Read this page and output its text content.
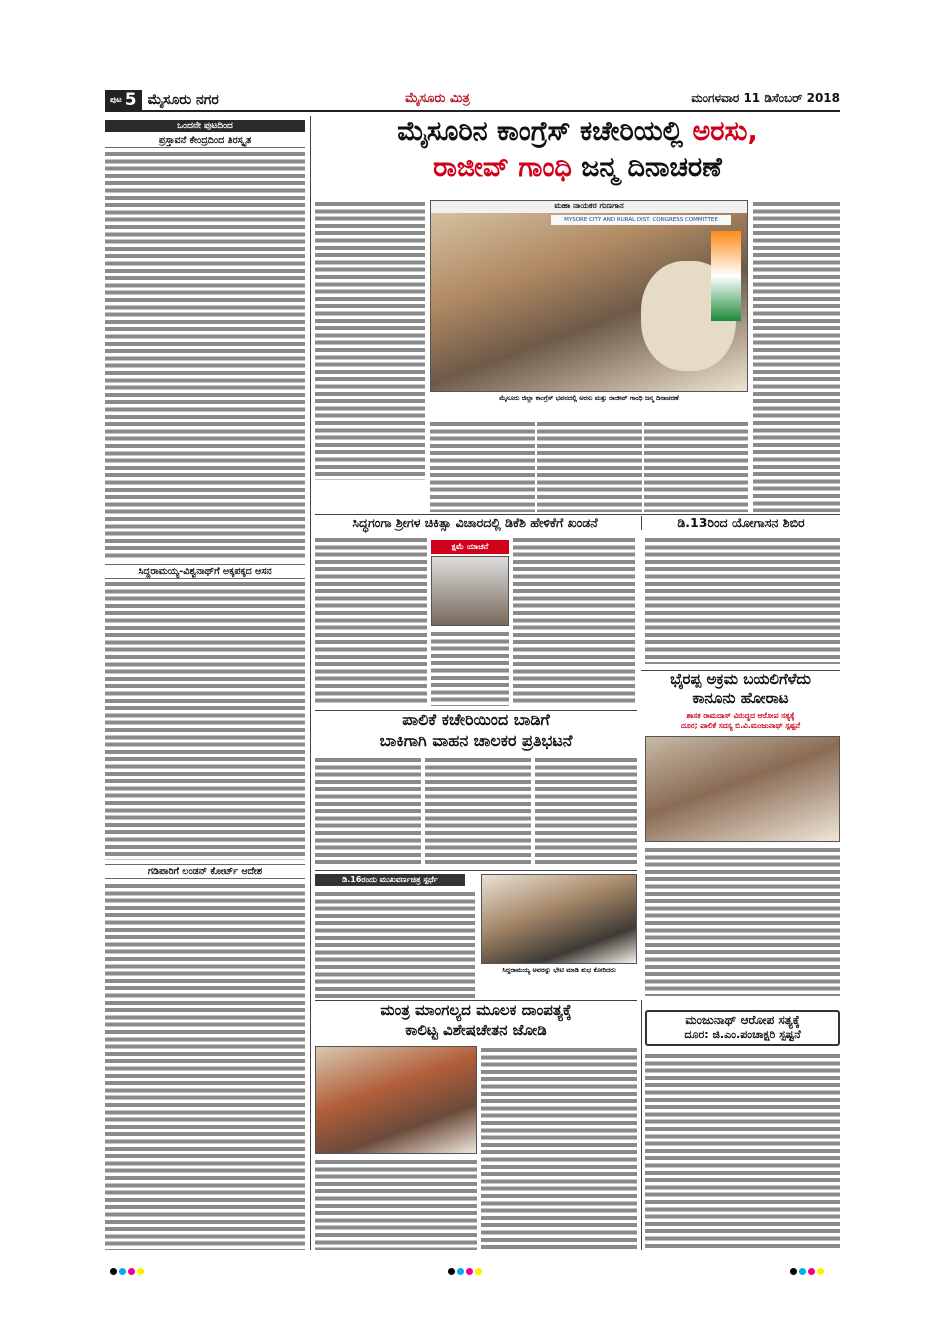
ಪುಟ 5 ಮೈಸೂರು ನಗರ	ಮೈಸೂರು ಮಿತ್ರ	ಮಂಗಳವಾರ 11 ಡಿಸೆಂಬರ್ 2018
ಒಂದನೇ ಪುಟದಿಂದ
ಪ್ರಸ್ತಾವನೆ ಕೇಂದ್ರದಿಂದ ತಿರಸ್ಕೃತ
ಸಿದ್ದರಾಮಯ್ಯ-ವಿಶ್ವನಾಥ್‌ಗೆ ಅಕ್ಕಪಕ್ಕದ ಆಸನ
ಗಡಿಪಾರಿಗೆ ಲಂಡನ್ ಕೋರ್ಟ್ ಆದೇಶ
ಮೈಸೂರಿನ ಕಾಂಗ್ರೆಸ್ ಕಚೇರಿಯಲ್ಲಿ ಅರಸು,
ರಾಜೀವ್ ಗಾಂಧಿ ಜನ್ಮ ದಿನಾಚರಣೆ
ಮಹಾ ನಾಯಕರ ಗುಣಗಾನ
MYSORE CITY AND RURAL DIST. CONGRESS COMMITTEE
ಮೈಸೂರು ಜಿಲ್ಲಾ ಕಾಂಗ್ರೆಸ್ ಭವನದಲ್ಲಿ ಅರಸು ಮತ್ತು ರಾಜೀವ್ ಗಾಂಧಿ ಜನ್ಮ ದಿನಾಚರಣೆ
ಸಿದ್ಧಗಂಗಾ ಶ್ರೀಗಳ ಚಿಕಿತ್ಸಾ ವಿಚಾರದಲ್ಲಿ ಡಿಕೆಶಿ ಹೇಳಿಕೆಗೆ ಖಂಡನೆ
ಕ್ಷಮೆ ಯಾಚನೆ
ಡಿ.13ರಿಂದ ಯೋಗಾಸನ ಶಿಬಿರ
ಭೈರಪ್ಪ ಅಕ್ರಮ ಬಯಲಿಗೆಳೆದು
ಕಾನೂನು ಹೋರಾಟ
ಶಾಸಕ ರಾಮದಾಸ್ ವಿರುದ್ಧದ ಆರೋಪ ಸತ್ಯಕ್ಕೆ
ದೂರ; ಪಾಲಿಕೆ ಸದಸ್ಯ ಬಿ.ವಿ.ಮಂಜುನಾಥ್ ಸ್ಪಷ್ಟನೆ
ಪಾಲಿಕೆ ಕಚೇರಿಯಿಂದ ಬಾಡಿಗೆ
ಬಾಕಿಗಾಗಿ ವಾಹನ ಚಾಲಕರ ಪ್ರತಿಭಟನೆ
ಡಿ.16ರಂದು ಮುಖವರ್ಣಚಿತ್ರ ಸ್ಪರ್ಧೆ
ಸಿದ್ದರಾಮಯ್ಯ ಅವರನ್ನು ಭೇಟಿ ಮಾಡಿ ಶುಭ ಕೋರಿದರು
ಮಂತ್ರ ಮಾಂಗಲ್ಯದ ಮೂಲಕ ದಾಂಪತ್ಯಕ್ಕೆ
ಕಾಲಿಟ್ಟ ವಿಶೇಷಚೇತನ ಜೋಡಿ
ಮಂಜುನಾಥ್ ಆರೋಪ ಸತ್ಯಕ್ಕೆ
ದೂರ: ಜಿ.ಎಂ.ಪಂಚಾಕ್ಷರಿ ಸ್ಪಷ್ಟನೆ
